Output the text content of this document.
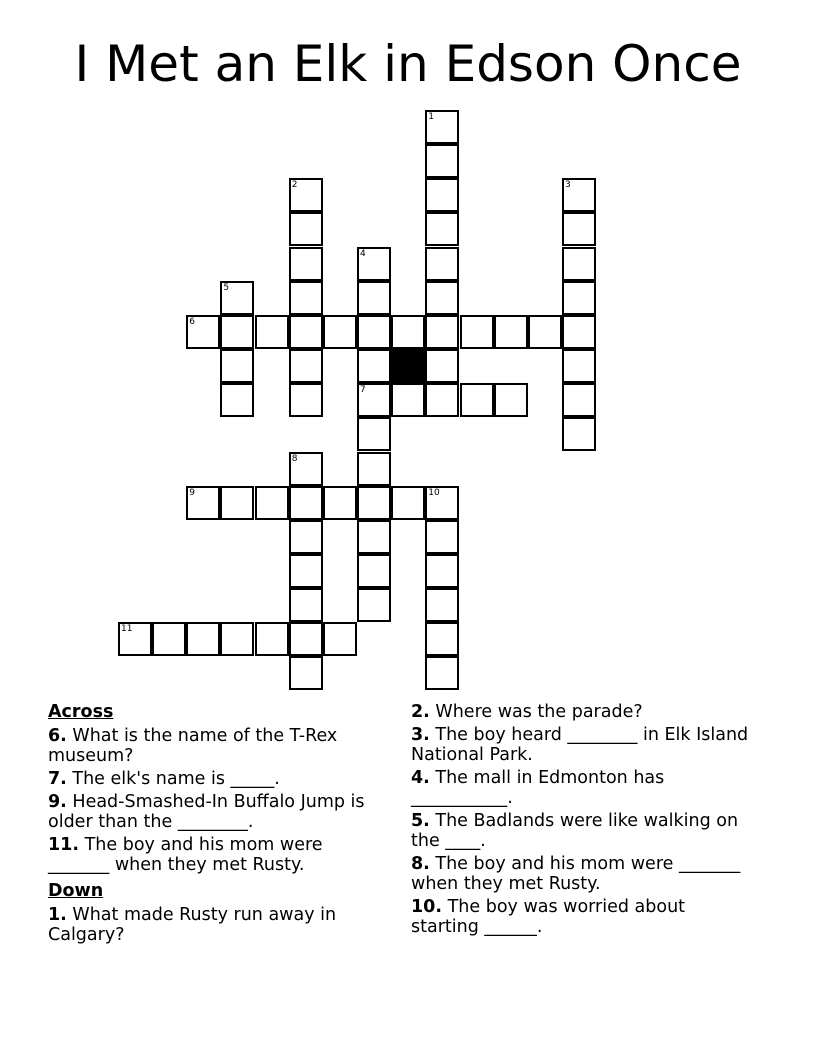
I Met an Elk in Edson Once
1
2	3
4
5
6
7
8
9	10
11
Across
6. What is the name of the T-Rex museum?
7. The elk's name is _____.
9. Head-Smashed-In Buffalo Jump is older than the ________.
11. The boy and his mom were _______ when they met Rusty.
Down
1. What made Rusty run away in Calgary?
2. Where was the parade?
3. The boy heard ________ in Elk Island National Park.
4. The mall in Edmonton has ___________.
5. The Badlands were like walking on the ____.
8. The boy and his mom were _______ when they met Rusty.
10. The boy was worried about starting ______.
